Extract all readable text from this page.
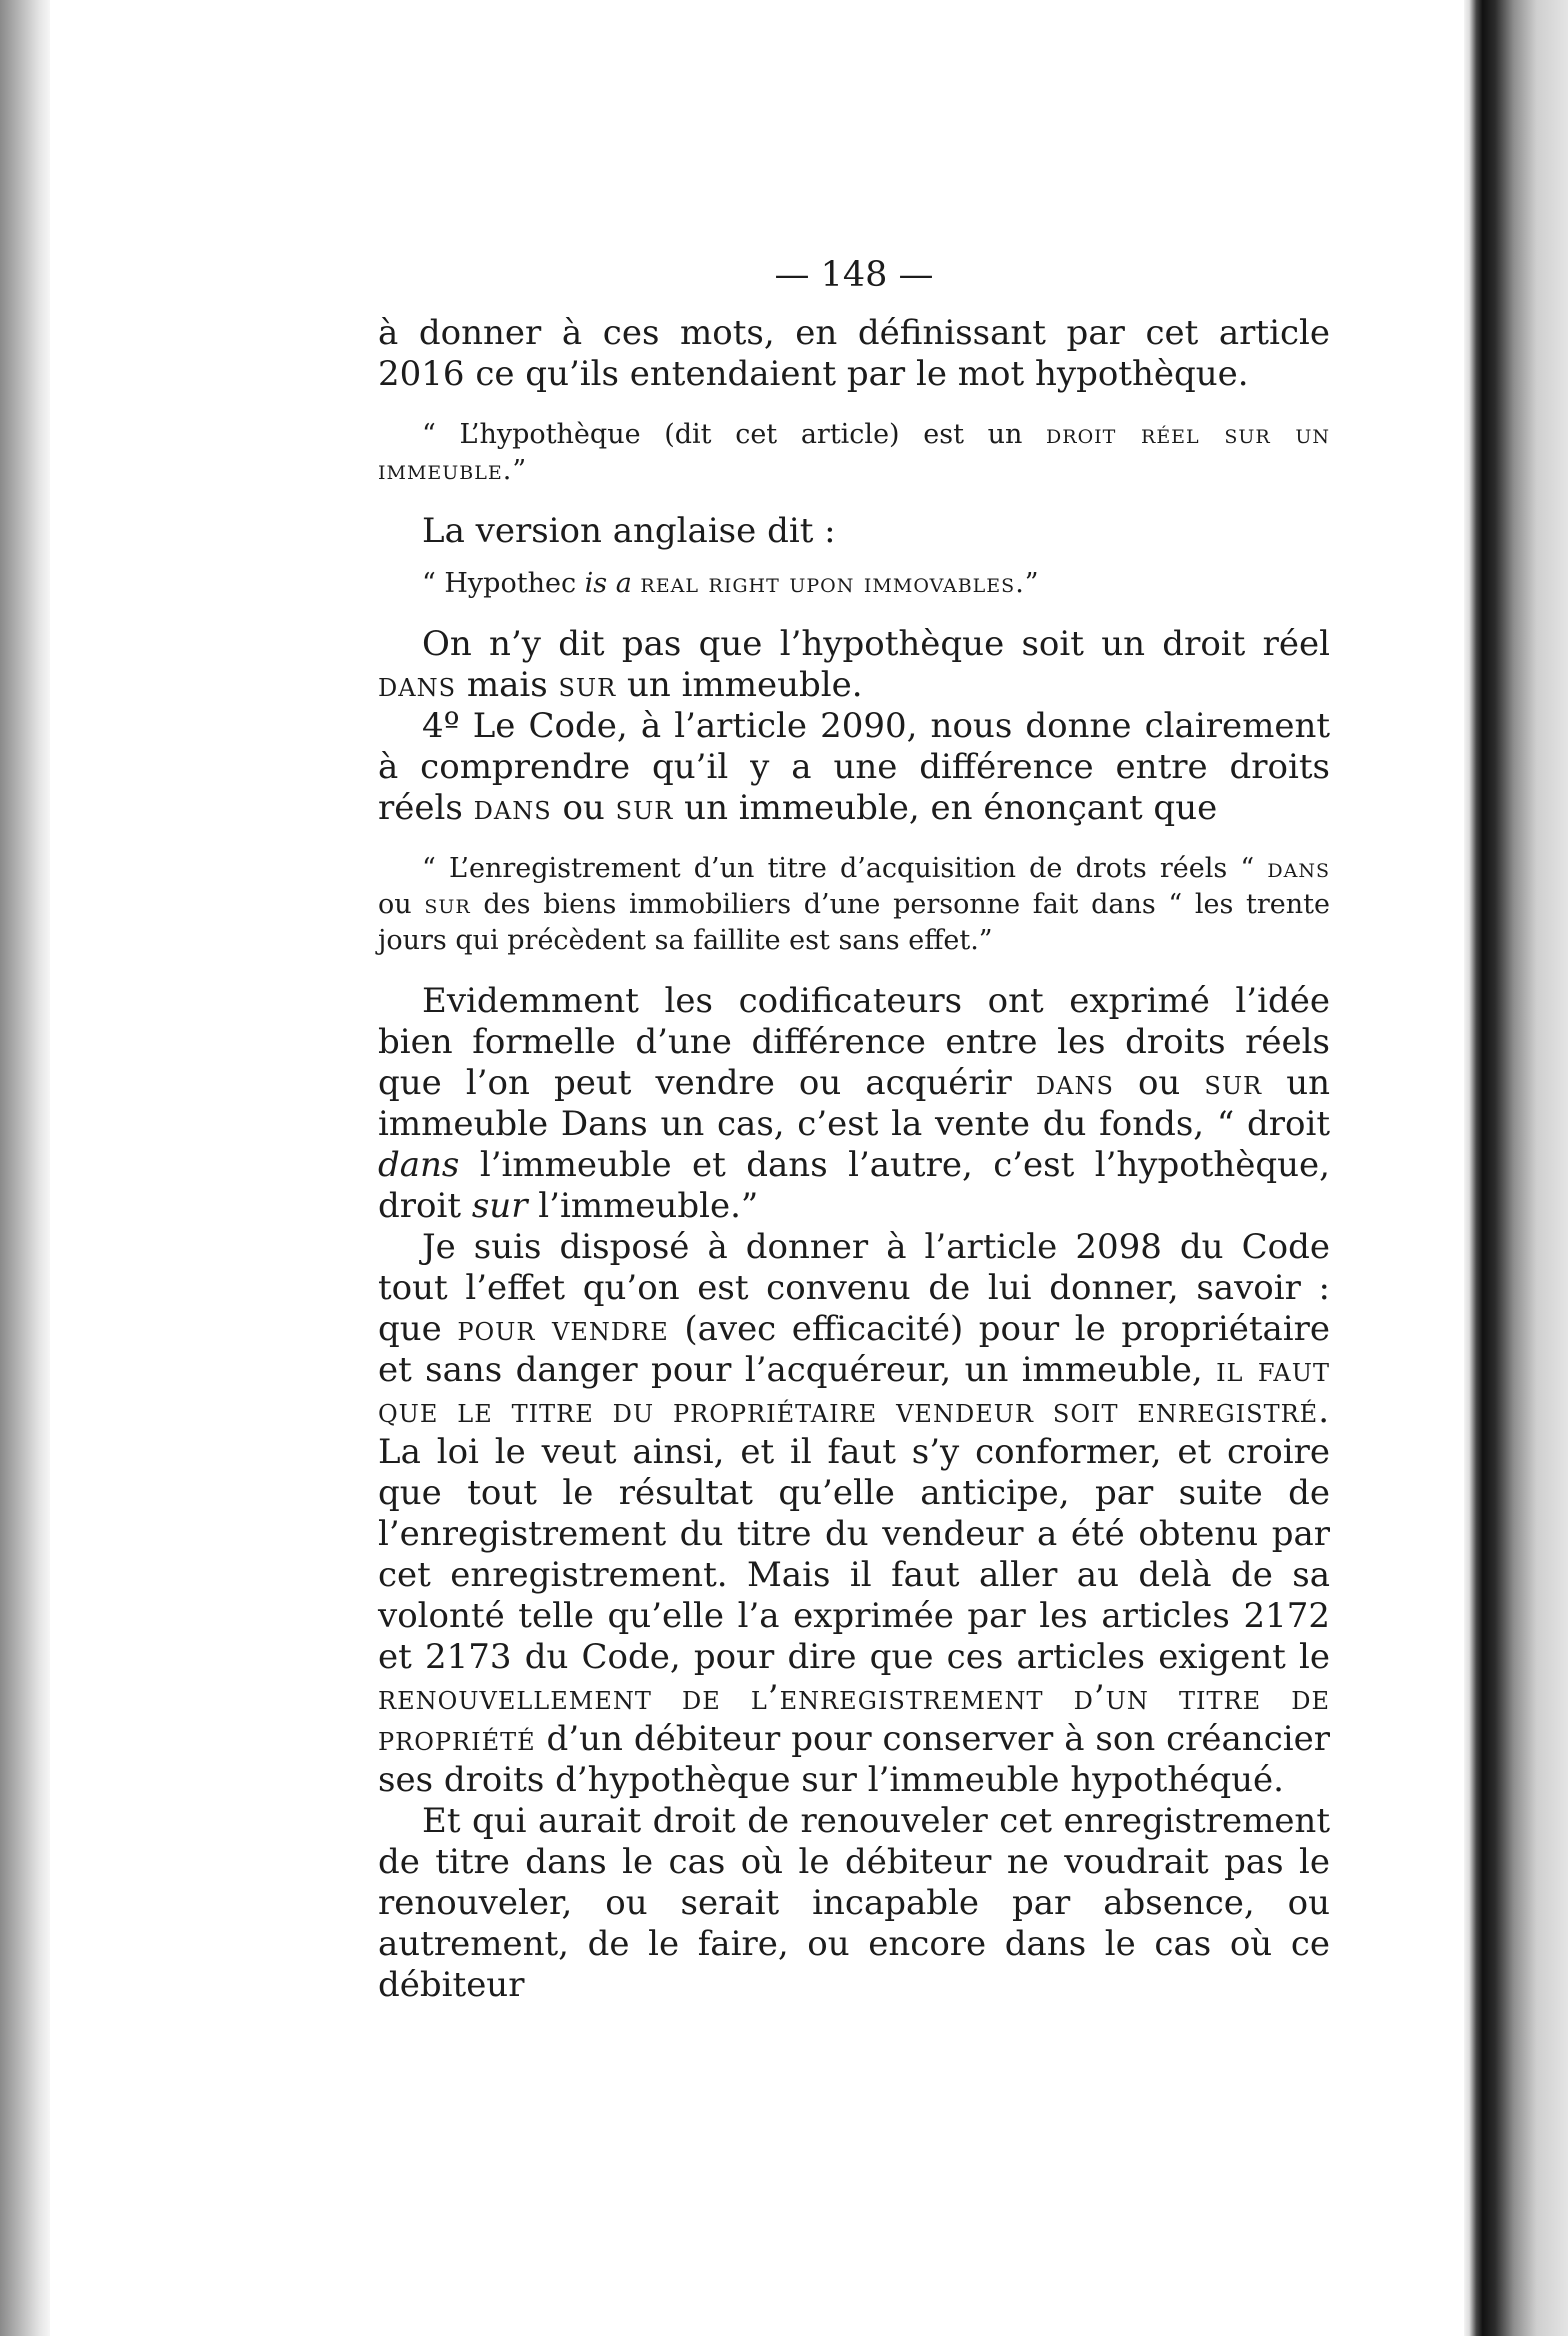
— 148 —

à donner à ces mots, en définissant par cet article 2016 ce qu’ils entendaient par le mot hypothèque.

“ L’hypothèque (dit cet article) est un droit réel sur un immeuble.”

La version anglaise dit :

“ Hypothec is a real right upon immovables.”

On n’y dit pas que l’hypothèque soit un droit réel dans mais sur un immeuble.

4º Le Code, à l’article 2090, nous donne clairement à comprendre qu’il y a une différence entre droits réels dans ou sur un immeuble, en énonçant que

“ L’enregistrement d’un titre d’acquisition de drots réels “ dans ou sur des biens immobiliers d’une personne fait dans “ les trente jours qui précèdent sa faillite est sans effet.”

Evidemment les codificateurs ont exprimé l’idée bien formelle d’une différence entre les droits réels que l’on peut vendre ou acquérir dans ou sur un immeuble Dans un cas, c’est la vente du fonds, “ droit dans l’immeuble et dans l’autre, c’est l’hypothèque, droit sur l’immeuble.”

Je suis disposé à donner à l’article 2098 du Code tout l’effet qu’on est convenu de lui donner, savoir : que pour vendre (avec efficacité) pour le propriétaire et sans danger pour l’acquéreur, un immeuble, il faut que le titre du propriétaire vendeur soit enregistré. La loi le veut ainsi, et il faut s’y conformer, et croire que tout le résultat qu’elle anticipe, par suite de l’enregistrement du titre du vendeur a été obtenu par cet enregistrement. Mais il faut aller au delà de sa volonté telle qu’elle l’a exprimée par les articles 2172 et 2173 du Code, pour dire que ces articles exigent le renouvellement de l’enregistrement d’un titre de propriété d’un débiteur pour conserver à son créancier ses droits d’hypothèque sur l’immeuble hypothéqué.

Et qui aurait droit de renouveler cet enregistrement de titre dans le cas où le débiteur ne voudrait pas le renouveler, ou serait incapable par absence, ou autrement, de le faire, ou encore dans le cas où ce débiteur
